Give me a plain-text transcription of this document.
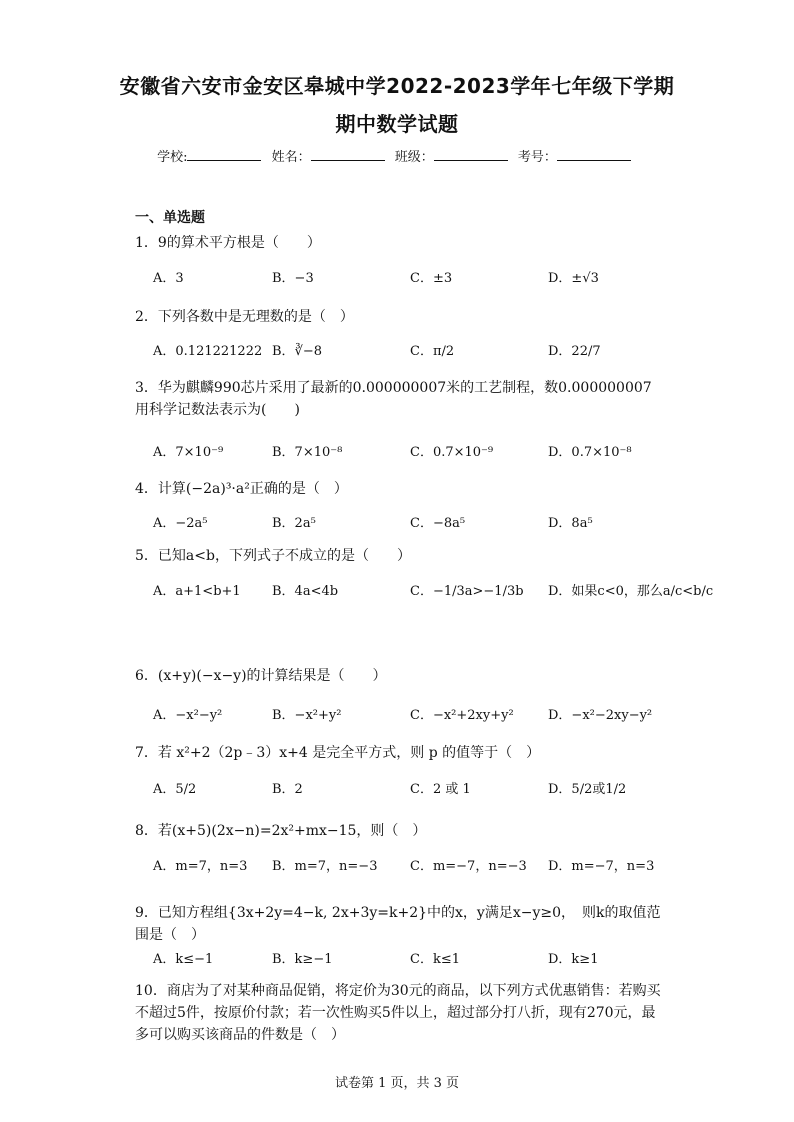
安徽省六安市金安区皋城中学2022-2023学年七年级下学期
期中数学试题
学校:	姓名：	班级：	考号：
一、单选题
1．9的算术平方根是（　　）
A．3	B．−3	C．±3	D．±√3
2．下列各数中是无理数的是（　）
A．0.121221222 B．∛−8	C．π/2	D．22/7
3．华为麒麟990芯片采用了最新的0.000000007米的工艺制程，数0.000000007用科学记数法表示为(　　)
A．7×10⁻⁹	B．7×10⁻⁸	C．0.7×10⁻⁹	D．0.7×10⁻⁸
4．计算(−2a)³·a²正确的是（　）
A．−2a⁵	B．2a⁵	C．−8a⁵	D．8a⁵
5．已知a<b，下列式子不成立的是（　　）
A．a+1<b+1 B．4a<4b	C．−1/3a>−1/3b D．如果c<0，那么a/c<b/c
6．(x+y)(−x−y)的计算结果是（　　）
A．−x²−y²	B．−x²+y²	C．−x²+2xy+y²	D．−x²−2xy−y²
7．若 x²+2（2p﹣3）x+4 是完全平方式，则 p 的值等于（　）
A．5/2	B．2	C．2 或 1	D．5/2或1/2
8．若(x+5)(2x−n)=2x²+mx−15，则（　）
A．m=7，n=3 B．m=7，n=−3	C．m=−7，n=−3 D．m=−7，n=3
9．已知方程组{3x+2y=4−k, 2x+3y=k+2}中的x，y满足x−y≥0，　则k的取值范围是（　）
A．k≤−1	B．k≥−1	C．k≤1	D．k≥1
10．商店为了对某种商品促销，将定价为30元的商品，以下列方式优惠销售：若购买不超过5件，按原价付款；若一次性购买5件以上，超过部分打八折，现有270元，最多可以购买该商品的件数是（　）
试卷第 1 页，共 3 页
